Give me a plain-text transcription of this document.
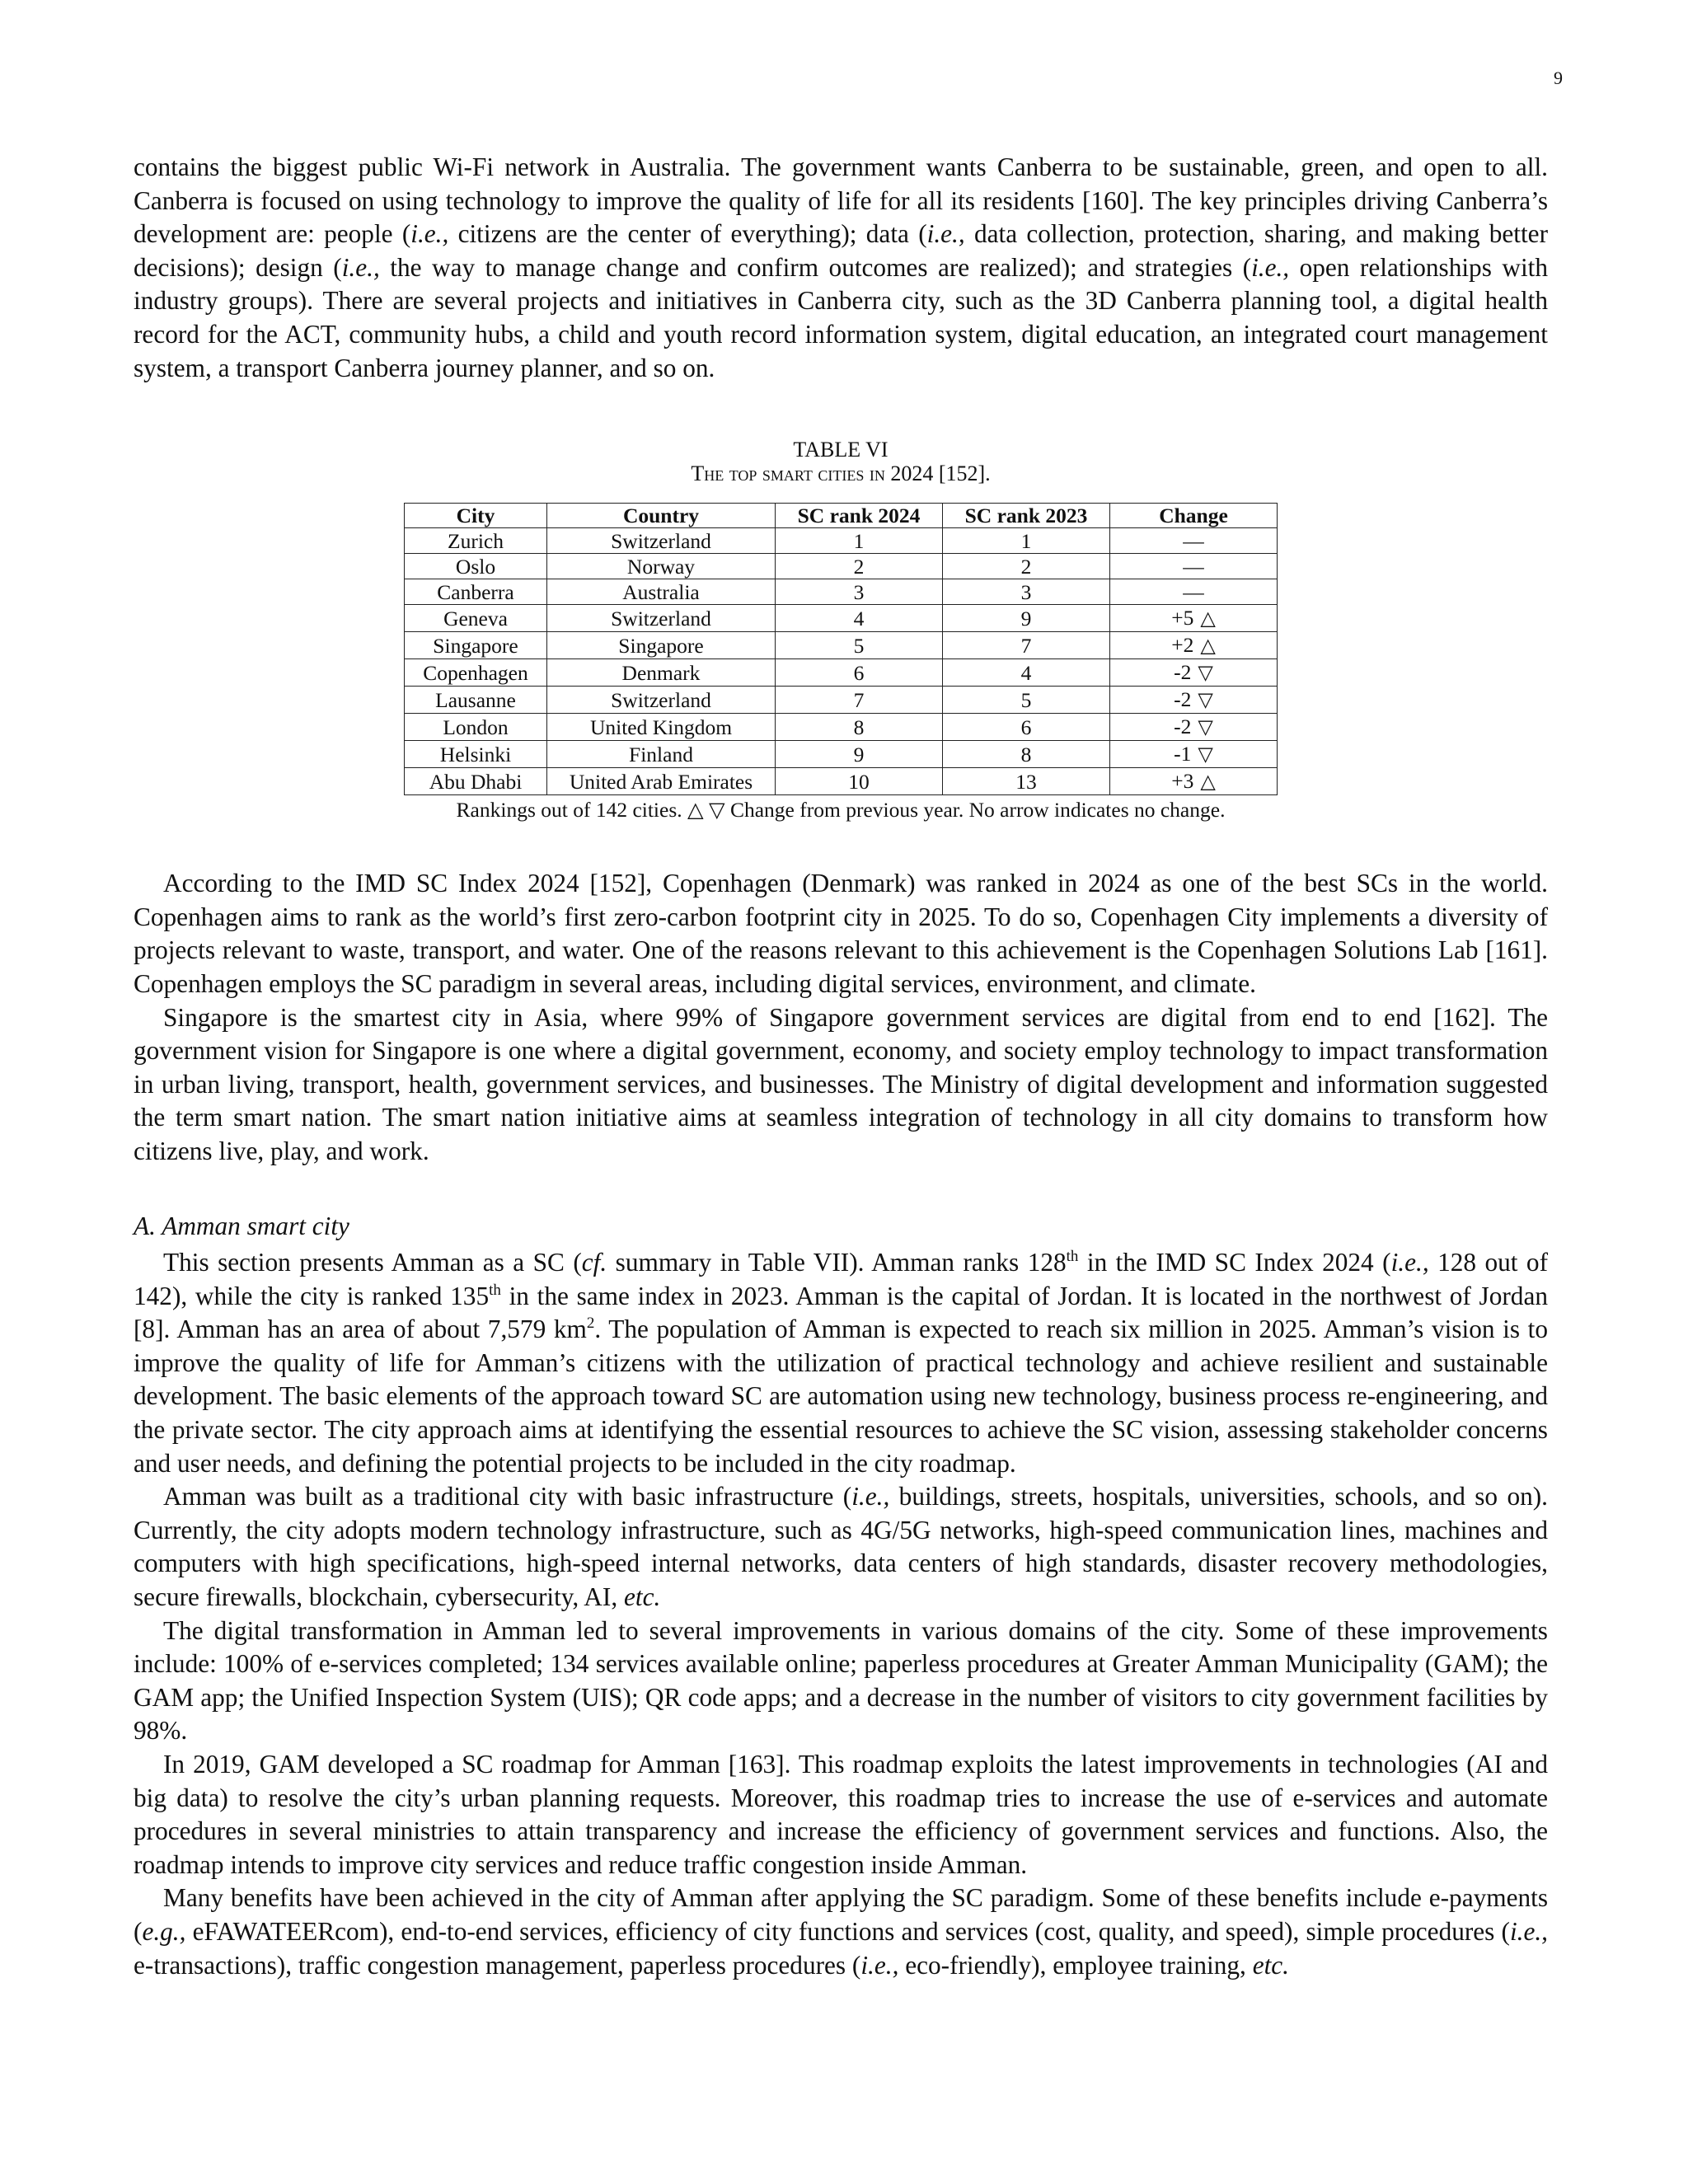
9

contains the biggest public Wi-Fi network in Australia. The government wants Canberra to be sustainable, green, and open to all. Canberra is focused on using technology to improve the quality of life for all its residents [160]. The key principles driving Canberra’s development are: people (i.e., citizens are the center of everything); data (i.e., data collection, protection, sharing, and making better decisions); design (i.e., the way to manage change and confirm outcomes are realized); and strategies (i.e., open relationships with industry groups). There are several projects and initiatives in Canberra city, such as the 3D Canberra planning tool, a digital health record for the ACT, community hubs, a child and youth record information system, digital education, an integrated court management system, a transport Canberra journey planner, and so on.

TABLE VI
The top smart cities in 2024 [152].
City	Country	SC rank 2024	SC rank 2023	Change
Zurich	Switzerland	1	1	—
Oslo	Norway	2	2	—
Canberra	Australia	3	3	—
Geneva	Switzerland	4	9	+5 △
Singapore	Singapore	5	7	+2 △
Copenhagen	Denmark	6	4	-2 ▽
Lausanne	Switzerland	7	5	-2 ▽
London	United Kingdom	8	6	-2 ▽
Helsinki	Finland	9	8	-1 ▽
Abu Dhabi	United Arab Emirates	10	13	+3 △
Rankings out of 142 cities. △ ▽ Change from previous year. No arrow indicates no change.

According to the IMD SC Index 2024 [152], Copenhagen (Denmark) was ranked in 2024 as one of the best SCs in the world. Copenhagen aims to rank as the world’s first zero-carbon footprint city in 2025. To do so, Copenhagen City implements a diversity of projects relevant to waste, transport, and water. One of the reasons relevant to this achievement is the Copenhagen Solutions Lab [161]. Copenhagen employs the SC paradigm in several areas, including digital services, environment, and climate.

Singapore is the smartest city in Asia, where 99% of Singapore government services are digital from end to end [162]. The government vision for Singapore is one where a digital government, economy, and society employ technology to impact transformation in urban living, transport, health, government services, and businesses. The Ministry of digital development and information suggested the term smart nation. The smart nation initiative aims at seamless integration of technology in all city domains to transform how citizens live, play, and work.

A. Amman smart city

This section presents Amman as a SC (cf. summary in Table VII). Amman ranks 128th in the IMD SC Index 2024 (i.e., 128 out of 142), while the city is ranked 135th in the same index in 2023. Amman is the capital of Jordan. It is located in the northwest of Jordan [8]. Amman has an area of about 7,579 $km^2$. The population of Amman is expected to reach six million in 2025. Amman’s vision is to improve the quality of life for Amman’s citizens with the utilization of practical technology and achieve resilient and sustainable development. The basic elements of the approach toward SC are automation using new technology, business process re-engineering, and the private sector. The city approach aims at identifying the essential resources to achieve the SC vision, assessing stakeholder concerns and user needs, and defining the potential projects to be included in the city roadmap.

Amman was built as a traditional city with basic infrastructure (i.e., buildings, streets, hospitals, universities, schools, and so on). Currently, the city adopts modern technology infrastructure, such as 4G/5G networks, high-speed communication lines, machines and computers with high specifications, high-speed internal networks, data centers of high standards, disaster recovery methodologies, secure firewalls, blockchain, cybersecurity, AI, etc.

The digital transformation in Amman led to several improvements in various domains of the city. Some of these improvements include: 100% of e-services completed; 134 services available online; paperless procedures at Greater Amman Municipality (GAM); the GAM app; the Unified Inspection System (UIS); QR code apps; and a decrease in the number of visitors to city government facilities by 98%.

In 2019, GAM developed a SC roadmap for Amman [163]. This roadmap exploits the latest improvements in technologies (AI and big data) to resolve the city’s urban planning requests. Moreover, this roadmap tries to increase the use of e-services and automate procedures in several ministries to attain transparency and increase the efficiency of government services and functions. Also, the roadmap intends to improve city services and reduce traffic congestion inside Amman.

Many benefits have been achieved in the city of Amman after applying the SC paradigm. Some of these benefits include e-payments (e.g., eFAWATEERcom), end-to-end services, efficiency of city functions and services (cost, quality, and speed), simple procedures (i.e., e-transactions), traffic congestion management, paperless procedures (i.e., eco-friendly), employee training, etc.
